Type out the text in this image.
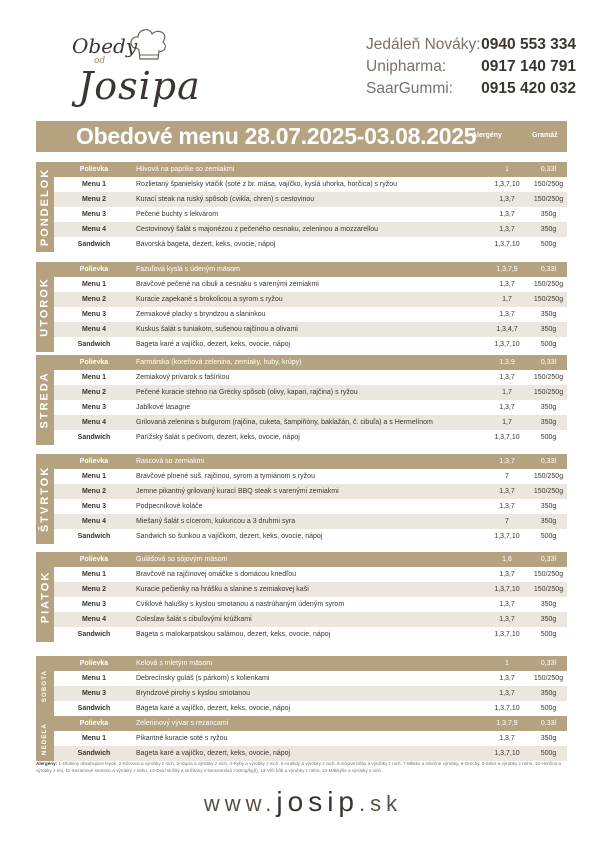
Obedy
od
Josipa
Jedáleň Nováky: 0940 553 334
Unipharma: 0917 140 791
SaarGummi: 0915 420 032
Obedové menu 28.07.2025-03.08.2025
Alergény	Gramáž
PONDELOK	Polievka	Hlivová na paprike so zemiakmi	1	0,33l
Menu 1	Rozlietaný španielsky vtáčik (soté z br. mäsa, vajíčko, kyslá uhorka, horčica) s ryžou	1,3,7,10	150/250g
Menu 2	Kurací steak na ruský spôsob (cvikla, chren) s cestovinou	1,3,7	150/250g
Menu 3	Pečené buchty s lekvárom	1,3,7	350g
Menu 4	Cestovinový šalát s majonézou z pečeného cesnaku, zeleninou a mozzarellou	1,3,7	350g
Sandwich	Bavorská bageta, dezert, keks, ovocie, nápoj	1,3,7,10	500g
UTOROK
Polievka	Fazuľová kyslá s údeným mäsom	1,3,7,9	0,33l
Menu 1	Bravčové pečené na cibuli a cesnaku s varenými zemiakmi	1,3,7	150/250g
Menu 2	Kuracie zapekané s brokolicou a syrom s ryžou	1,7	150/250g
Menu 3	Zemiakové placky s bryndzou a slaninkou	1,3,7	350g
Menu 4	Kuskus šalát s tuniakom, sušenou rajčinou a olivami	1,3,4,7	350g
Sandwich	Bageta karé a vajíčko, dezert, keks, ovocie, nápoj	1,3,7,10	500g
STREDA
Polievka	Farmárska (koreňová zelenina, zemiaky, huby, krúpy)	1,3,9	0,33l
Menu 1	Zemiakový prívarok s fašírkou	1,3,7	150/250g
Menu 2	Pečené kuracie stehno na Grécky spôsob (olivy, kapari, rajčina) s ryžou	1,7	150/250g
Menu 3	Jablkové lasagne	1,3,7	350g
Menu 4	Grilovaná zelenina s bulgurom (rajčina, cuketa, šampiňóny, baklažán, č. cibuľa) a s Hermelínom	1,7	350g
Sandwich	Parížsky šalát s pečivom, dezert, keks, ovocie, nápoj	1,3,7,10	500g
ŠTVRTOK
Polievka	Rascová so zemiakmi	1,3,7	0,33l
Menu 1	Bravčové plnené suš. rajčinou, syrom a tymiánom s ryžou	7	150/250g
Menu 2	Jemne pikantný grilovaný kurací BBQ steak s varenými zemiakmi	1,3,7	150/250g
Menu 3	Podpecníkové koláče	1,3,7	350g
Menu 4	Miešaný šalát s cícerom, kukuricou a 3 druhmi syra	7	350g
Sandwich	Sandwich so šunkou a vajíčkom, dezert, keks, ovocie, nápoj	1,3,7,10	500g
PIATOK
Polievka	Gulášová so sójovým mäsom	1,6	0,33l
Menu 1	Bravčové na rajčinovej omáčke s domácou knedľou	1,3,7	150/250g
Menu 2	Kuracie pečienky na hrášku a slanine s zemiakovej kaši	1,3,7,10	150/250g
Menu 3	Cviklové halušky s kyslou smotanou a nastrúhaným údeným syrom	1,3,7	350g
Menu 4	Coleslaw šalát s cibuľovými krúžkami	1,3,7	350g
Sandwich	Bageta s malokarpatskou salámou, dezert, keks, ovocie, nápoj	1,3,7,10	500g
SOBOTA
Polievka	Kelová s mletým mäsom	1	0,33l
Menu 1	Debrecínsky guláš (s párkom) s kolienkami	1,3,7	150/250g
Menu 3	Bryndzové pirohy s kyslou smotanou	1,3,7	350g
Sandwich	Bageta karé a vajíčko, dezert, keks, ovocie, nápoj	1,3,7,10	500g
NEDEĽA	Polievka	Zeleninový vývar s rezancami	1,3,7,9	0,33l
Menu 1	Pikantné kuracie soté s ryžou	1,3,7	350g
Sandwich	Bageta karé a vajíčko, dezert, keks, ovocie, nápoj	1,3,7,10	500g
Alergény: 1-Obilniny obsahujúce lepok, 2-Kôrovce a výrobky z nich, 3-Vajcia a výrobky z nich, 4-Ryby a výrobky z nich, 5-Arašidy a výrobky z nich, 6-Sójové bôby a výrobky z nich, 7-Mlieko a mliečne výrobky, 8-Orechy, 9-Zeler a výrobky z neho, 10-Horčica a výrobky z nej, 11-Sezamové semeno a výrobky z neho, 12-Oxid siričitý a siričitany v koncentrácii >10mg/kg(l), 13-Vlčí bôb a výrobky z neho, 14-Mäkkýše a výrobky z nich
www.josip.sk
